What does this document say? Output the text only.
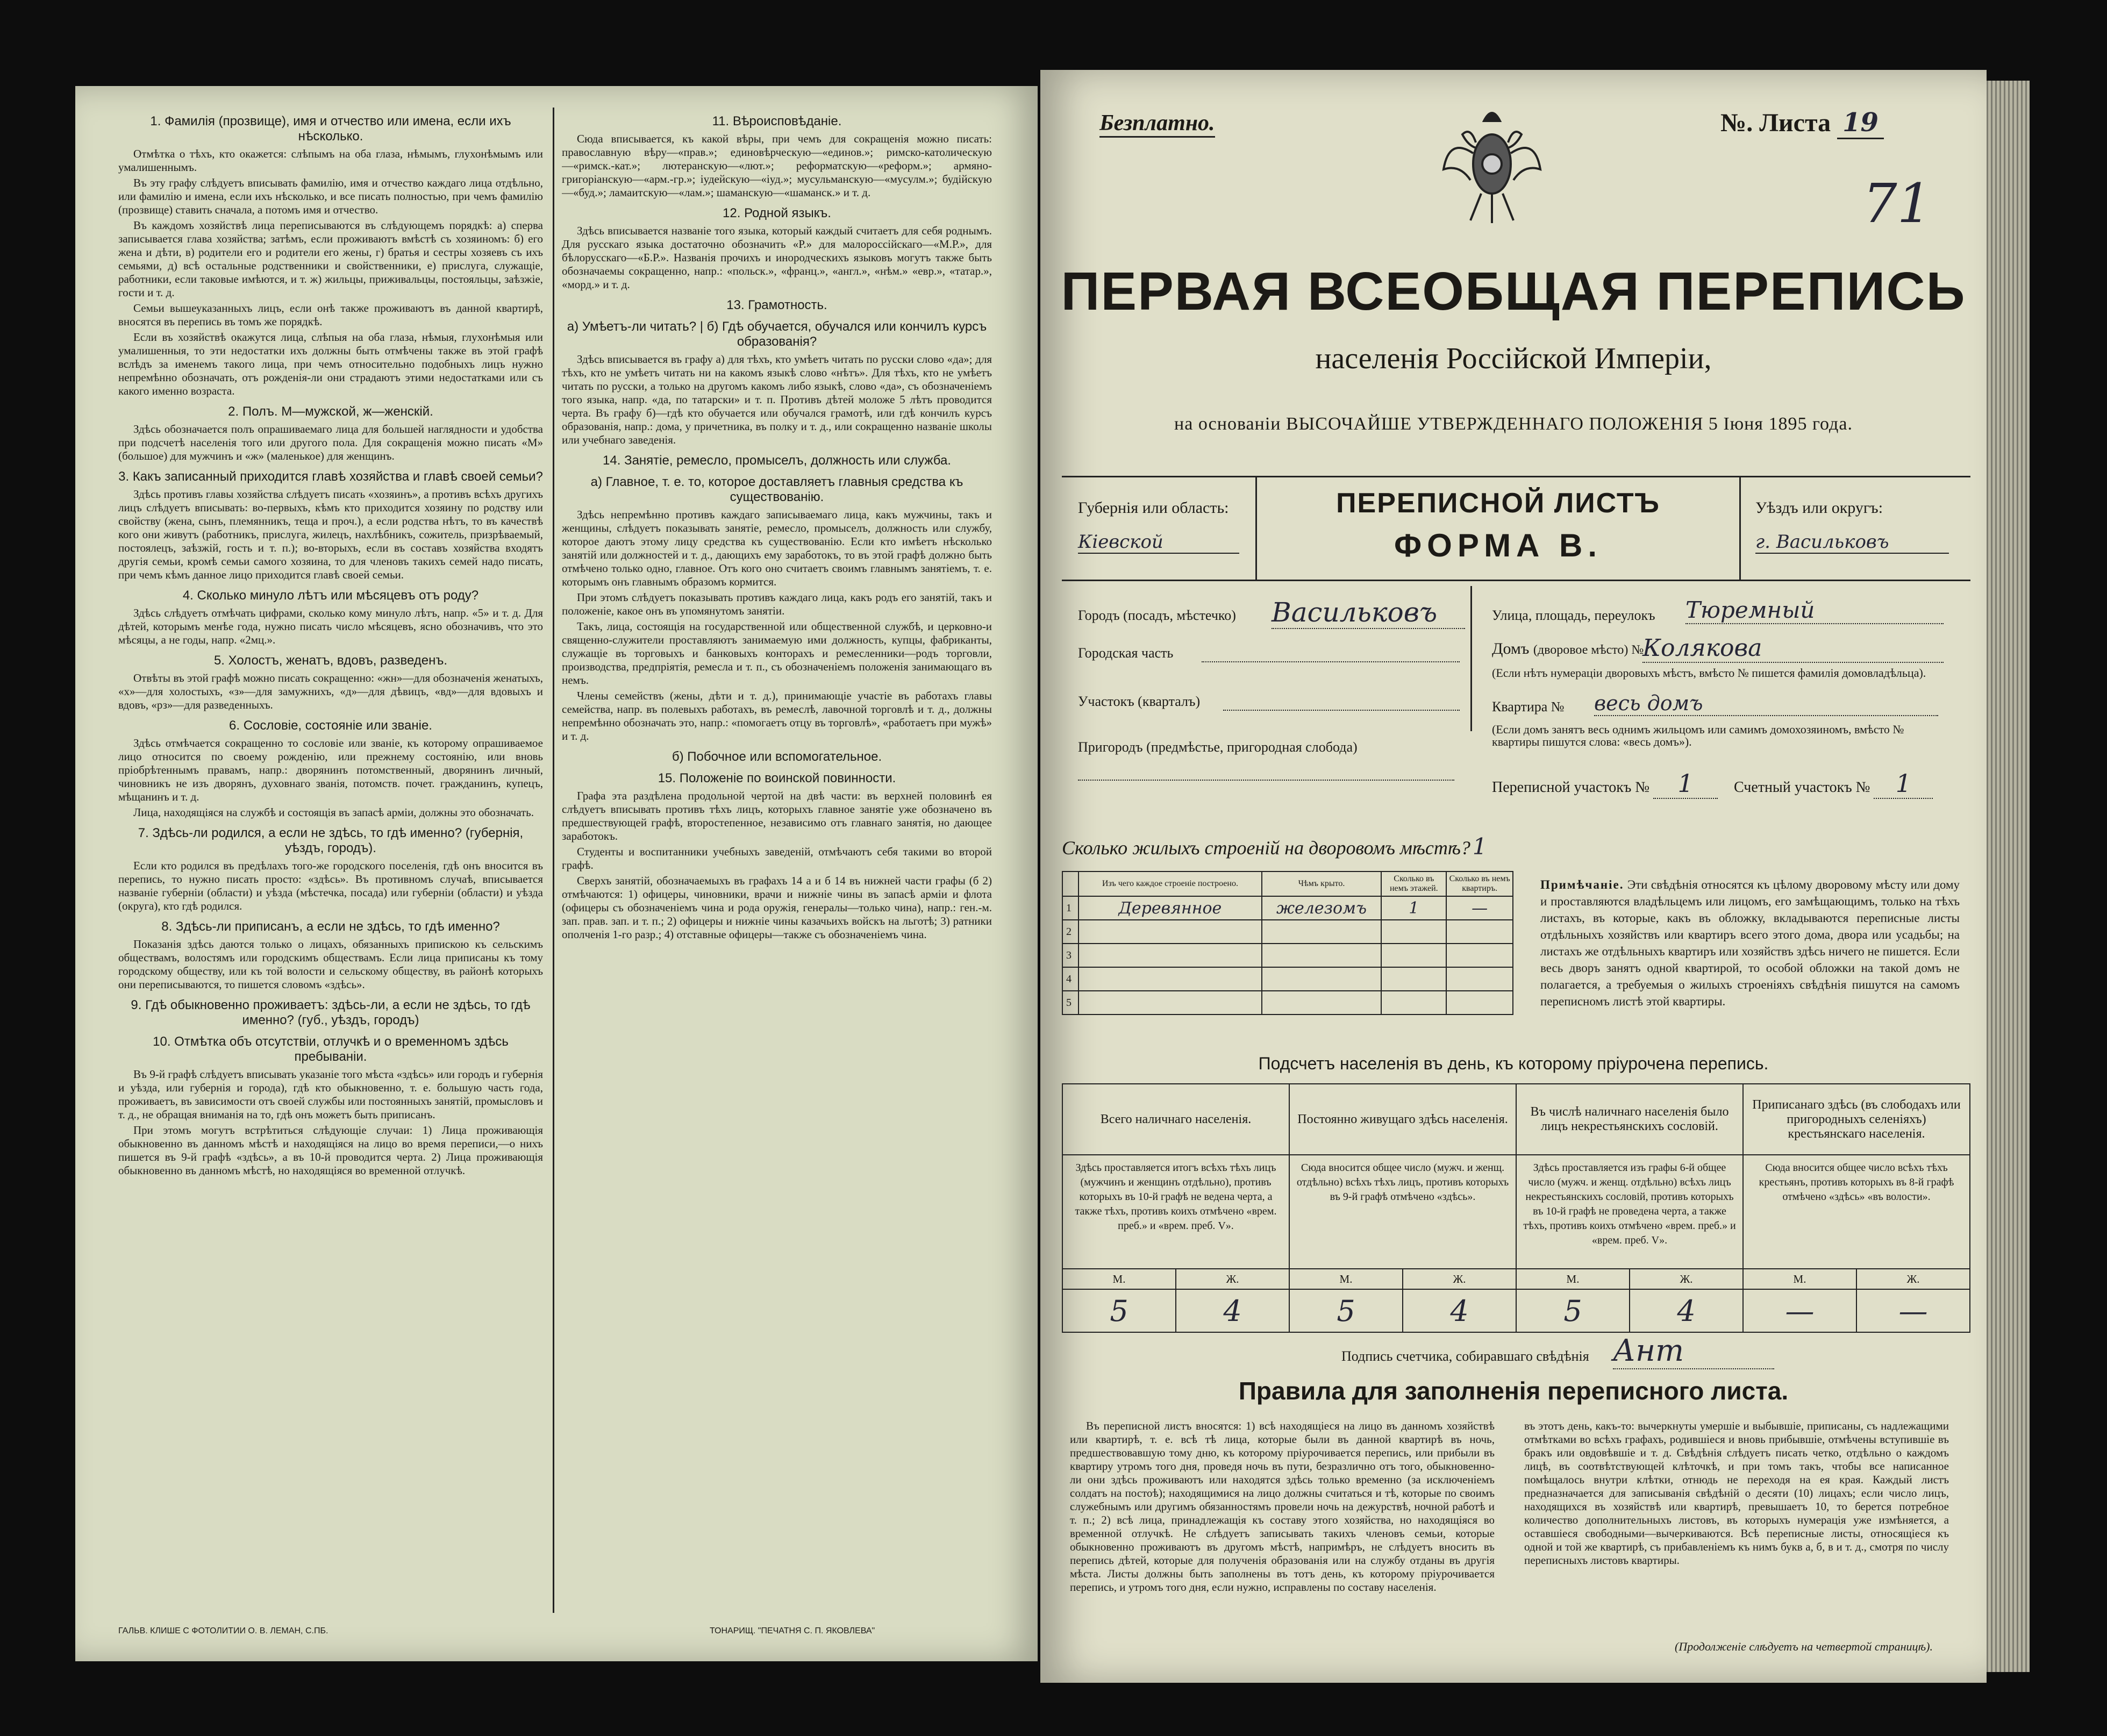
1. Фамилія (прозвище), имя и отчество или имена, если ихъ нѣсколько.

Отмѣтка о тѣхъ, кто окажется: слѣпымъ на оба глаза, нѣмымъ, глухонѣмымъ или умалишеннымъ.

Въ эту графу слѣдуетъ вписывать фамилію, имя и отчество каждаго лица отдѣльно, или фамилію и имена, если ихъ нѣсколько, и все писать полностью, при чемъ фамилію (прозвище) ставить сначала, а потомъ имя и отчество.

Въ каждомъ хозяйствѣ лица переписываются въ слѣдующемъ порядкѣ: а) сперва записывается глава хозяйства; затѣмъ, если проживаютъ вмѣстѣ съ хозяиномъ: б) его жена и дѣти, в) родители его и родители его жены, г) братья и сестры хозяевъ съ ихъ семьями, д) всѣ остальные родственники и свойственники, е) прислуга, служащіе, работники, если таковые имѣются, и т. ж) жильцы, приживальцы, постояльцы, заѣзжіе, гости и т. д.

Семьи вышеуказанныхъ лицъ, если онѣ также проживаютъ въ данной квартирѣ, вносятся въ перепись въ томъ же порядкѣ.

Если въ хозяйствѣ окажутся лица, слѣпыя на оба глаза, нѣмыя, глухонѣмыя или умалишенныя, то эти недостатки ихъ должны быть отмѣчены также въ этой графѣ вслѣдъ за именемъ такого лица, при чемъ относительно подобныхъ лицъ нужно непремѣнно обозначать, отъ рожденія-ли они страдаютъ этими недостатками или съ какого именно возраста.

2. Полъ. М—мужской, ж—женскій.

Здѣсь обозначается полъ опрашиваемаго лица для большей наглядности и удобства при подсчетѣ населенія того или другого пола. Для сокращенія можно писать «М» (большое) для мужчинъ и «ж» (маленькое) для женщинъ.

3. Какъ записанный приходится главѣ хозяйства и главѣ своей семьи?

Здѣсь противъ главы хозяйства слѣдуетъ писать «хозяинъ», а противъ всѣхъ другихъ лицъ слѣдуетъ вписывать: во-первыхъ, кѣмъ кто приходится хозяину по родству или свойству (жена, сынъ, племянникъ, теща и проч.), а если родства нѣтъ, то въ качествѣ кого они живутъ (работникъ, прислуга, жилецъ, нахлѣбникъ, сожитель, призрѣваемый, постоялецъ, заѣзжій, гость и т. п.); во-вторыхъ, если въ составъ хозяйства входятъ другія семьи, кромѣ семьи самого хозяина, то для членовъ такихъ семей надо писать, при чемъ кѣмъ данное лицо приходится главѣ своей семьи.

4. Сколько минуло лѣтъ или мѣсяцевъ отъ роду?

Здѣсь слѣдуетъ отмѣчать цифрами, сколько кому минуло лѣтъ, напр. «5» и т. д. Для дѣтей, которымъ менѣе года, нужно писать число мѣсяцевъ, ясно обозначивъ, что это мѣсяцы, а не годы, напр. «2мц.».

5. Холостъ, женатъ, вдовъ, разведенъ.

Отвѣты въ этой графѣ можно писать сокращенно: «жн»—для обозначенія женатыхъ, «х»—для холостыхъ, «з»—для замужнихъ, «д»—для дѣвицъ, «вд»—для вдовыхъ и вдовъ, «рз»—для разведенныхъ.

6. Сословіе, состояніе или званіе.

Здѣсь отмѣчается сокращенно то сословіе или званіе, къ которому опрашиваемое лицо относится по своему рожденію, или прежнему состоянію, или вновь пріобрѣтеннымъ правамъ, напр.: дворянинъ потомственный, дворянинъ личный, чиновникъ не изъ дворянъ, духовнаго званія, потомств. почет. гражданинъ, купецъ, мѣщанинъ и т. д.

Лица, находящіяся на службѣ и состоящія въ запасѣ арміи, должны это обозначать.

7. Здѣсь-ли родился, а если не здѣсь, то гдѣ именно? (губернія, уѣздъ, городъ).

Если кто родился въ предѣлахъ того-же городского поселенія, гдѣ онъ вносится въ перепись, то нужно писать просто: «здѣсь». Въ противномъ случаѣ, вписывается названіе губерніи (области) и уѣзда (мѣстечка, посада) или губерніи (области) и уѣзда (округа), кто гдѣ родился.

8. Здѣсь-ли приписанъ, а если не здѣсь, то гдѣ именно?

Показанія здѣсь даются только о лицахъ, обязанныхъ припискою къ сельскимъ обществамъ, волостямъ или городскимъ обществамъ. Если лица приписаны къ тому городскому обществу, или къ той волости и сельскому обществу, въ районѣ которыхъ они переписываются, то пишется словомъ «здѣсь».

9. Гдѣ обыкновенно проживаетъ: здѣсь-ли, а если не здѣсь, то гдѣ именно? (губ., уѣздъ, городъ)
10. Отмѣтка объ отсутствіи, отлучкѣ и о временномъ здѣсь пребываніи.

Въ 9-й графѣ слѣдуетъ вписывать указаніе того мѣста «здѣсь» или городъ и губернія и уѣзда, или губернія и города), гдѣ кто обыкновенно, т. е. большую часть года, проживаетъ, въ зависимости отъ своей службы или постоянныхъ занятій, промысловъ и т. д., не обращая вниманія на то, гдѣ онъ можетъ быть приписанъ.

При этомъ могутъ встрѣтиться слѣдующіе случаи: 1) Лица проживающія обыкновенно въ данномъ мѣстѣ и находящіяся на лицо во время переписи,—о нихъ пишется въ 9-й графѣ «здѣсь», а въ 10-й проводится черта. 2) Лица проживающія обыкновенно въ данномъ мѣстѣ, но находящіяся во временной отлучкѣ.

11. Вѣроисповѣданіе.

Сюда вписывается, къ какой вѣры, при чемъ для сокращенія можно писать: православную вѣру—«прав.»; единовѣрческую—«единов.»; римско-католическую—«римск.-кат.»; лютеранскую—«лют.»; реформатскую—«реформ.»; армяно-григоріанскую—«арм.-гр.»; іудейскую—«іуд.»; мусульманскую—«мусулм.»; будійскую—«буд.»; ламаитскую—«лам.»; шаманскую—«шаманск.» и т. д.

12. Родной языкъ.

Здѣсь вписывается названіе того языка, который каждый считаетъ для себя роднымъ. Для русскаго языка достаточно обозначить «Р.» для малороссійскаго—«М.Р.», для бѣлорусскаго—«Б.Р.». Названія прочихъ и инородческихъ языковъ могутъ также быть обозначаемы сокращенно, напр.: «польск.», «франц.», «англ.», «нѣм.» «евр.», «татар.», «морд.» и т. д.

13. Грамотность.
а) Умѣетъ-ли читать? | б) Гдѣ обучается, обучался или кончилъ курсъ образованія?

Здѣсь вписывается въ графу а) для тѣхъ, кто умѣетъ читать по русски слово «да»; для тѣхъ, кто не умѣетъ читать ни на какомъ языкѣ слово «нѣтъ». Для тѣхъ, кто не умѣетъ читать по русски, а только на другомъ какомъ либо языкѣ, слово «да», съ обозначеніемъ того языка, напр. «да, по татарски» и т. п. Противъ дѣтей моложе 5 лѣтъ проводится черта. Въ графу б)—гдѣ кто обучается или обучался грамотѣ, или гдѣ кончилъ курсъ образованія, напр.: дома, у причетника, въ полку и т. д., или сокращенно названіе школы или учебнаго заведенія.

14. Занятіе, ремесло, промыселъ, должность или служба.
а) Главное, т. е. то, которое доставляетъ главныя средства къ существованію.

Здѣсь непремѣнно противъ каждаго записываемаго лица, какъ мужчины, такъ и женщины, слѣдуетъ показывать занятіе, ремесло, промыселъ, должность или службу, которое даютъ этому лицу средства къ существованію. Если кто имѣетъ нѣсколько занятій или должностей и т. д., дающихъ ему заработокъ, то въ этой графѣ должно быть отмѣчено только одно, главное. Отъ кого оно считаетъ своимъ главнымъ занятіемъ, т. е. которымъ онъ главнымъ образомъ кормится.

При этомъ слѣдуетъ показывать противъ каждаго лица, какъ родъ его занятій, такъ и положеніе, какое онъ въ упомянутомъ занятіи.

Такъ, лица, состоящія на государственной или общественной службѣ, и церковно-и священно-служители проставляютъ занимаемую ими должность, купцы, фабриканты, служащіе въ торговыхъ и банковыхъ конторахъ и ремесленники—родъ торговли, производства, предпріятія, ремесла и т. п., съ обозначеніемъ положенія занимающаго въ немъ.

Члены семействъ (жены, дѣти и т. д.), принимающіе участіе въ работахъ главы семейства, напр. въ полевыхъ работахъ, въ ремеслѣ, лавочной торговлѣ и т. д., должны непремѣнно обозначать это, напр.: «помогаетъ отцу въ торговлѣ», «работаетъ при мужѣ» и т. д.

б) Побочное или вспомогательное.
15. Положеніе по воинской повинности.

Графа эта раздѣлена продольной чертой на двѣ части: въ верхней половинѣ ея слѣдуетъ вписывать противъ тѣхъ лицъ, которыхъ главное занятіе уже обозначено въ предшествующей графѣ, второстепенное, независимо отъ главнаго занятія, но дающее заработокъ.

Студенты и воспитанники учебныхъ заведеній, отмѣчаютъ себя такими во второй графѣ.

Сверхъ занятій, обозначаемыхъ въ графахъ 14 а и б 14 въ нижней части графы (б 2) отмѣчаются: 1) офицеры, чиновники, врачи и нижніе чины въ запасѣ арміи и флота (офицеры съ обозначеніемъ чина и рода оружія, генералы—только чина), напр.: ген.-м. зап. прав. зап. и т. п.; 2) офицеры и нижніе чины казачьихъ войскъ на льготѣ; 3) ратники ополченія 1-го разр.; 4) отставные офицеры—также съ обозначеніемъ чина.

ГАЛЬВ. КЛИШЕ С ФОТОЛИТИИ О. В. ЛЕМАН, С.ПБ.	ТОНАРИЩ. "ПЕЧАТНЯ С. П. ЯКОВЛЕВА"
Безплатно.	№. Листа 19
71
ПЕРВАЯ ВСЕОБЩАЯ ПЕРЕПИСЬ
населенія Россійской Имперіи,
на основаніи ВЫСОЧАЙШЕ УТВЕРЖДЕННАГО ПОЛОЖЕНІЯ 5 Іюня 1895 года.
Губернія или область:
Кіевской
ПЕРЕПИСНОЙ ЛИСТЪ
ФОРМА В.
Уѣздъ или округъ:
г. Васильковъ
Городъ (посадъ, мѣстечко) Васильковъ	Улица, площадь, переулокъ Тюремный
Городская часть	Домъ (дворовое мѣсто) №
Колякова
(Если нѣтъ нумераціи дворовыхъ мѣстъ, вмѣсто № пишется фамилія домовладѣльца).
Участокъ (кварталъ)	Квартира № весь домъ
(Если домъ занятъ весь однимъ жильцомъ или самимъ домохозяиномъ, вмѣсто № квартиры пишутся слова: «весь домъ»).
Пригородъ (предмѣстье, пригородная слобода)
Переписной участокъ № 1	Счетный участокъ № 1
Сколько жилыхъ строеній на дворовомъ мѣстѣ? 1
	Изъ чего каждое строеніе построено.	Чѣмъ крыто.	Сколько въ немъ этажей.	Сколько въ немъ квартиръ.
1	Деревянное	железомъ	1	—
2				
3				
4				
5				
Примѣчаніе. Эти свѣдѣнія относятся къ цѣлому дворовому мѣсту или дому и проставляются владѣльцемъ или лицомъ, его замѣщающимъ, только на тѣхъ листахъ, въ которые, какъ въ обложку, вкладываются переписные листы отдѣльныхъ хозяйствъ или квартиръ всего этого дома, двора или усадьбы; на листахъ же отдѣльныхъ квартиръ или хозяйствъ здѣсь ничего не пишется. Если весь дворъ занятъ одной квартирой, то особой обложки на такой домъ не полагается, а требуемыя о жилыхъ строеніяхъ свѣдѣнія пишутся на самомъ переписномъ листѣ этой квартиры.
Подсчетъ населенія въ день, къ которому пріурочена перепись.
Всего наличнаго населенія.		Постоянно живущаго здѣсь населенія.		Въ числѣ наличнаго населенія было лицъ некрестьянскихъ сословій.		Приписанаго здѣсь (въ слободахъ или пригородныхъ селеніяхъ) крестьянскаго населенія.	
Здѣсь проставляется итогъ всѣхъ тѣхъ лицъ (мужчинъ и женщинъ отдѣльно), противъ которыхъ въ 10-й графѣ не ведена черта, а также тѣхъ, противъ коихъ отмѣчено «врем. преб.» и «врем. преб. V».		Сюда вносится общее число (мужч. и женщ. отдѣльно) всѣхъ тѣхъ лицъ, противъ которыхъ въ 9-й графѣ отмѣчено «здѣсь».		Здѣсь проставляется изъ графы 6-й общее число (мужч. и женщ. отдѣльно) всѣхъ лицъ некрестьянскихъ сословій, противъ которыхъ въ 10-й графѣ не проведена черта, а также тѣхъ, противъ коихъ отмѣчено «врем. преб.» и «врем. преб. V».		Сюда вносится общее число всѣхъ тѣхъ крестьянъ, противъ которыхъ въ 8-й графѣ отмѣчено «здѣсь» «въ волости».	
М.	Ж.	М.	Ж.	М.	Ж.	М.	Ж.
5	4	5	4	5	4	—	—
Подпись счетчика, собиравшаго свѣдѣнія Ант
Правила для заполненія переписного листа.
Въ переписной листъ вносятся: 1) всѣ находящіеся на лицо въ данномъ хозяйствѣ или квартирѣ, т. е. всѣ тѣ лица, которые были въ данной квартирѣ въ ночь, предшествовавшую тому дню, къ которому пріурочивается перепись, или прибыли въ квартиру утромъ того дня, проведя ночь въ пути, безразлично отъ того, обыкновенно-ли они здѣсь проживаютъ или находятся здѣсь только временно (за исключеніемъ солдатъ на постоѣ); находящимися на лицо должны считаться и тѣ, которые по своимъ служебнымъ или другимъ обязанностямъ провели ночь на дежурствѣ, ночной работѣ и т. п.; 2) всѣ лица, принадлежащія къ составу этого хозяйства, но находящіяся во временной отлучкѣ. Не слѣдуетъ записывать такихъ членовъ семьи, которые обыкновенно проживаютъ въ другомъ мѣстѣ, напримѣръ, не слѣдуетъ вносить въ перепись дѣтей, которые для полученія образованія или на службу отданы въ другія мѣста. Листы должны быть заполнены въ тотъ день, къ которому пріурочивается перепись, и утромъ того дня, если нужно, исправлены по составу населенія.
въ этотъ день, какъ-то: вычеркнуты умершіе и выбывшіе, приписаны, съ надлежащими отмѣтками во всѣхъ графахъ, родившіеся и вновь прибывшіе, отмѣчены вступившіе въ бракъ или овдовѣвшіе и т. д. Свѣдѣнія слѣдуетъ писать четко, отдѣльно о каждомъ лицѣ, въ соотвѣтствующей клѣточкѣ, и при томъ такъ, чтобы все написанное помѣщалось внутри клѣтки, отнюдь не переходя на ея края. Каждый листъ предназначается для записыванія свѣдѣній о десяти (10) лицахъ; если число лицъ, находящихся въ хозяйствѣ или квартирѣ, превышаетъ 10, то берется потребное количество дополнительныхъ листовъ, въ которыхъ нумерація уже измѣняется, а оставшіеся свободными—вычеркиваются. Всѣ переписные листы, относящіеся къ одной и той же квартирѣ, съ прибавленіемъ къ нимъ букв а, б, в и т. д., смотря по числу переписныхъ листовъ квартиры.
(Продолженіе слѣдуетъ на четвертой страницѣ).
